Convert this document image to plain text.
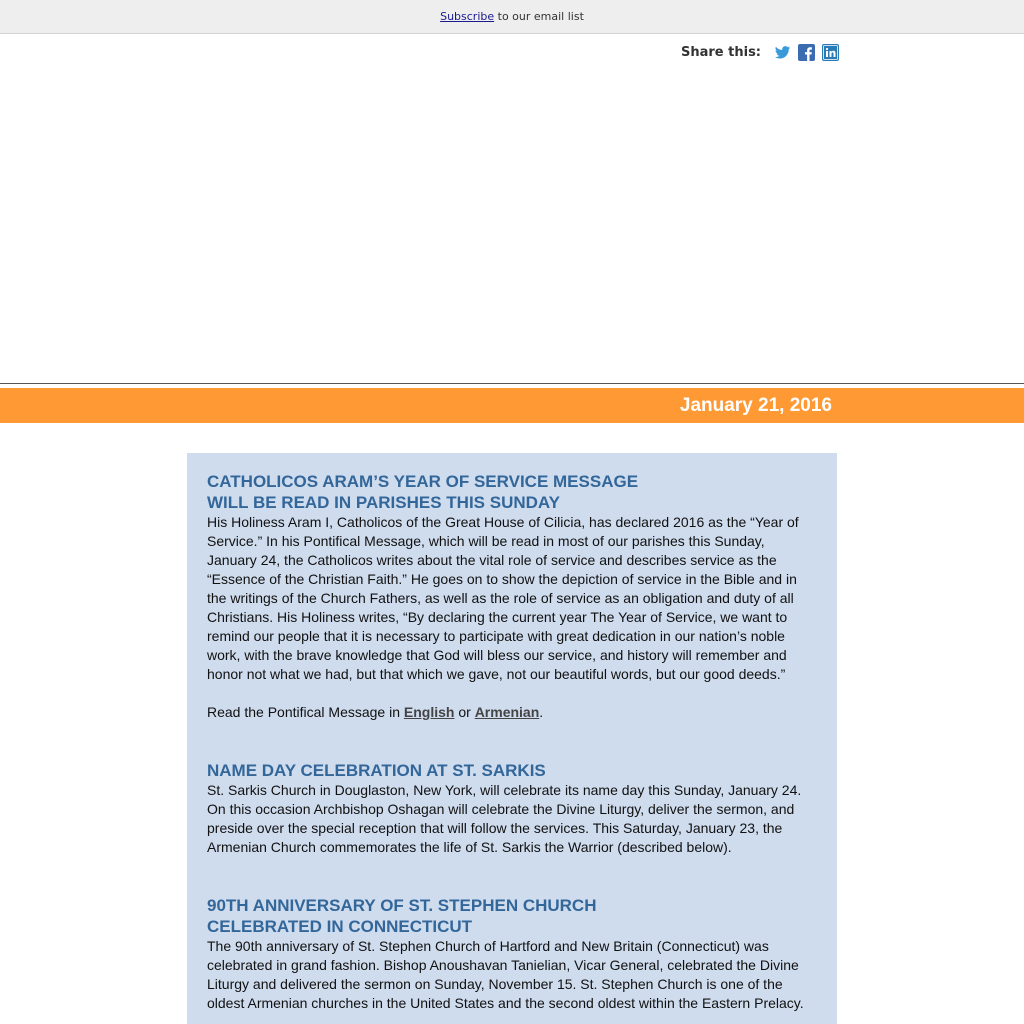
Subscribe to our email list
Share this:
January 21, 2016
CATHOLICOS ARAM’S YEAR OF SERVICE MESSAGE
WILL BE READ IN PARISHES THIS SUNDAY

His Holiness Aram I, Catholicos of the Great House of Cilicia, has declared 2016 as the “Year of Service.” In his Pontifical Message, which will be read in most of our parishes this Sunday, January 24, the Catholicos writes about the vital role of service and describes service as the “Essence of the Christian Faith.” He goes on to show the depiction of service in the Bible and in the writings of the Church Fathers, as well as the role of service as an obligation and duty of all Christians. His Holiness writes, “By declaring the current year The Year of Service, we want to remind our people that it is necessary to participate with great dedication in our nation’s noble work, with the brave knowledge that God will bless our service, and history will remember and honor not what we had, but that which we gave, not our beautiful words, but our good deeds.”

Read the Pontifical Message in English or Armenian.

NAME DAY CELEBRATION AT ST. SARKIS

St. Sarkis Church in Douglaston, New York, will celebrate its name day this Sunday, January 24. On this occasion Archbishop Oshagan will celebrate the Divine Liturgy, deliver the sermon, and preside over the special reception that will follow the services. This Saturday, January 23, the Armenian Church commemorates the life of St. Sarkis the Warrior (described below).

90TH ANNIVERSARY OF ST. STEPHEN CHURCH
CELEBRATED IN CONNECTICUT

The 90th anniversary of St. Stephen Church of Hartford and New Britain (Connecticut) was celebrated in grand fashion. Bishop Anoushavan Tanielian, Vicar General, celebrated the Divine Liturgy and delivered the sermon on Sunday, November 15. St. Stephen Church is one of the oldest Armenian churches in the United States and the second oldest within the Eastern Prelacy.
